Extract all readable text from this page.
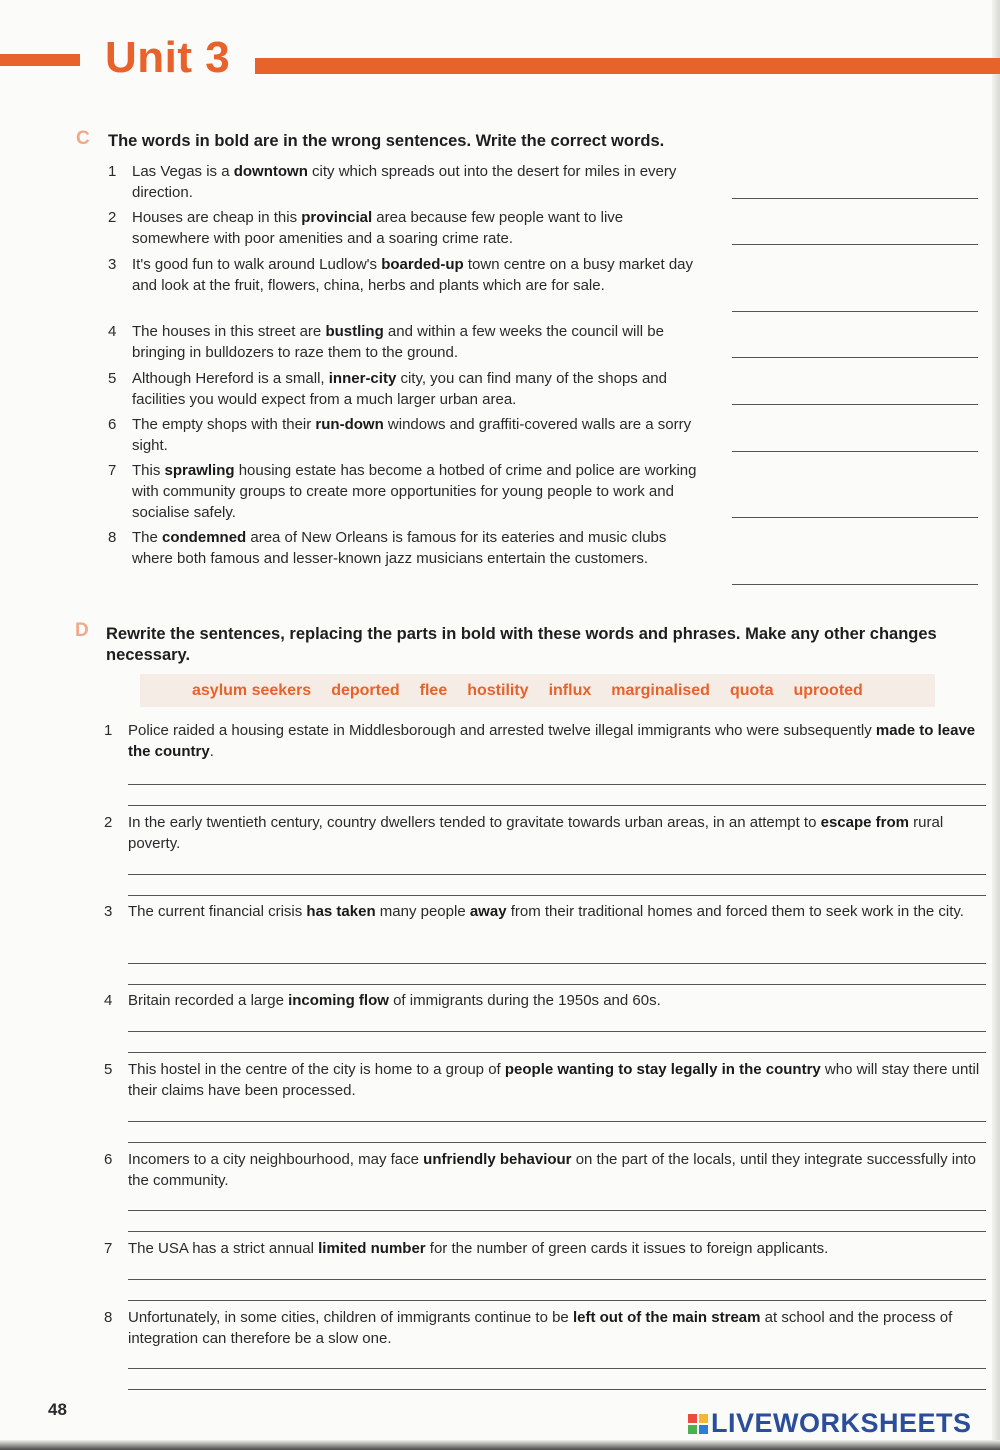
Unit 3
C The words in bold are in the wrong sentences. Write the correct words.
1	Las Vegas is a downtown city which spreads out into the desert for miles in every direction.
2	Houses are cheap in this provincial area because few people want to live somewhere with poor amenities and a soaring crime rate.
3	It's good fun to walk around Ludlow's boarded-up town centre on a busy market day and look at the fruit, flowers, china, herbs and plants which are for sale.
4	The houses in this street are bustling and within a few weeks the council will be bringing in bulldozers to raze them to the ground.
5	Although Hereford is a small, inner-city city, you can find many of the shops and facilities you would expect from a much larger urban area.
6	The empty shops with their run-down windows and graffiti-covered walls are a sorry sight.
7	This sprawling housing estate has become a hotbed of crime and police are working with community groups to create more opportunities for young people to work and socialise safely.
8	The condemned area of New Orleans is famous for its eateries and music clubs where both famous and lesser-known jazz musicians entertain the customers.
D Rewrite the sentences, replacing the parts in bold with these words and phrases. Make any other changes necessary.
asylum seekers deported flee hostility influx marginalised quota uprooted
1	Police raided a housing estate in Middlesborough and arrested twelve illegal immigrants who were subsequently made to leave the country.
2	In the early twentieth century, country dwellers tended to gravitate towards urban areas, in an attempt to escape from rural poverty.
3	The current financial crisis has taken many people away from their traditional homes and forced them to seek work in the city.
4	Britain recorded a large incoming flow of immigrants during the 1950s and 60s.
5	This hostel in the centre of the city is home to a group of people wanting to stay legally in the country who will stay there until their claims have been processed.
6	Incomers to a city neighbourhood, may face unfriendly behaviour on the part of the locals, until they integrate successfully into the community.
7	The USA has a strict annual limited number for the number of green cards it issues to foreign applicants.
8	Unfortunately, in some cities, children of immigrants continue to be left out of the main stream at school and the process of integration can therefore be a slow one.
48	LIVEWORKSHEETS
